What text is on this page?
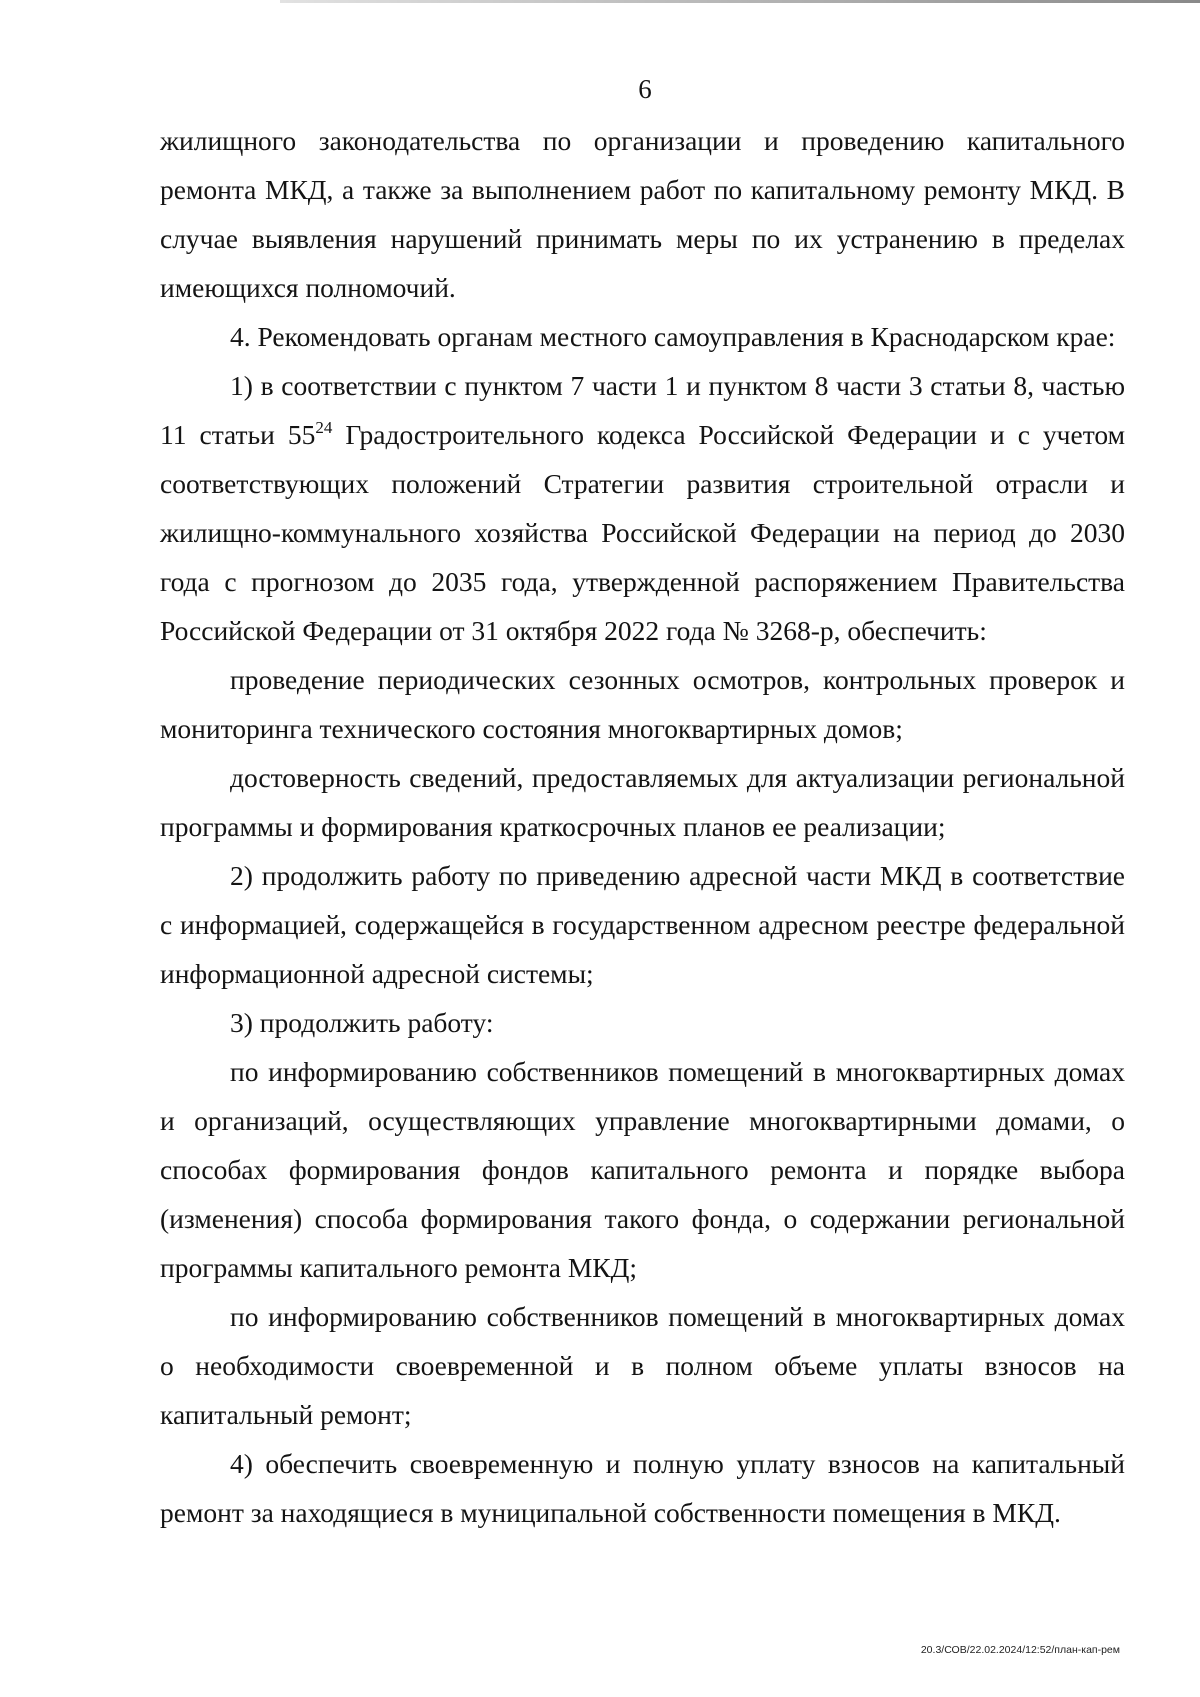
6

жилищного законодательства по организации и проведению капитального ремонта МКД, а также за выполнением работ по капитальному ремонту МКД. В случае выявления нарушений принимать меры по их устранению в пределах имеющихся полномочий.

4. Рекомендовать органам местного самоуправления в Краснодарском крае:

1) в соответствии с пунктом 7 части 1 и пунктом 8 части 3 статьи 8, частью 11 статьи $55^{24}$ Градостроительного кодекса Российской Федерации и с учетом соответствующих положений Стратегии развития строительной отрасли и жилищно-коммунального хозяйства Российской Федерации на период до 2030 года с прогнозом до 2035 года, утвержденной распоряжением Правительства Российской Федерации от 31 октября 2022 года № 3268-р, обеспечить:

проведение периодических сезонных осмотров, контрольных проверок и мониторинга технического состояния многоквартирных домов;

достоверность сведений, предоставляемых для актуализации региональной программы и формирования краткосрочных планов ее реализации;

2) продолжить работу по приведению адресной части МКД в соответствие с информацией, содержащейся в государственном адресном реестре федеральной информационной адресной системы;

3) продолжить работу:

по информированию собственников помещений в многоквартирных домах и организаций, осуществляющих управление многоквартирными домами, о способах формирования фондов капитального ремонта и порядке выбора (изменения) способа формирования такого фонда, о содержании региональной программы капитального ремонта МКД;

по информированию собственников помещений в многоквартирных домах о необходимости своевременной и в полном объеме уплаты взносов на капитальный ремонт;

4) обеспечить своевременную и полную уплату взносов на капитальный ремонт за находящиеся в муниципальной собственности помещения в МКД.

20.3/СОВ/22.02.2024/12:52/план-кап-рем
